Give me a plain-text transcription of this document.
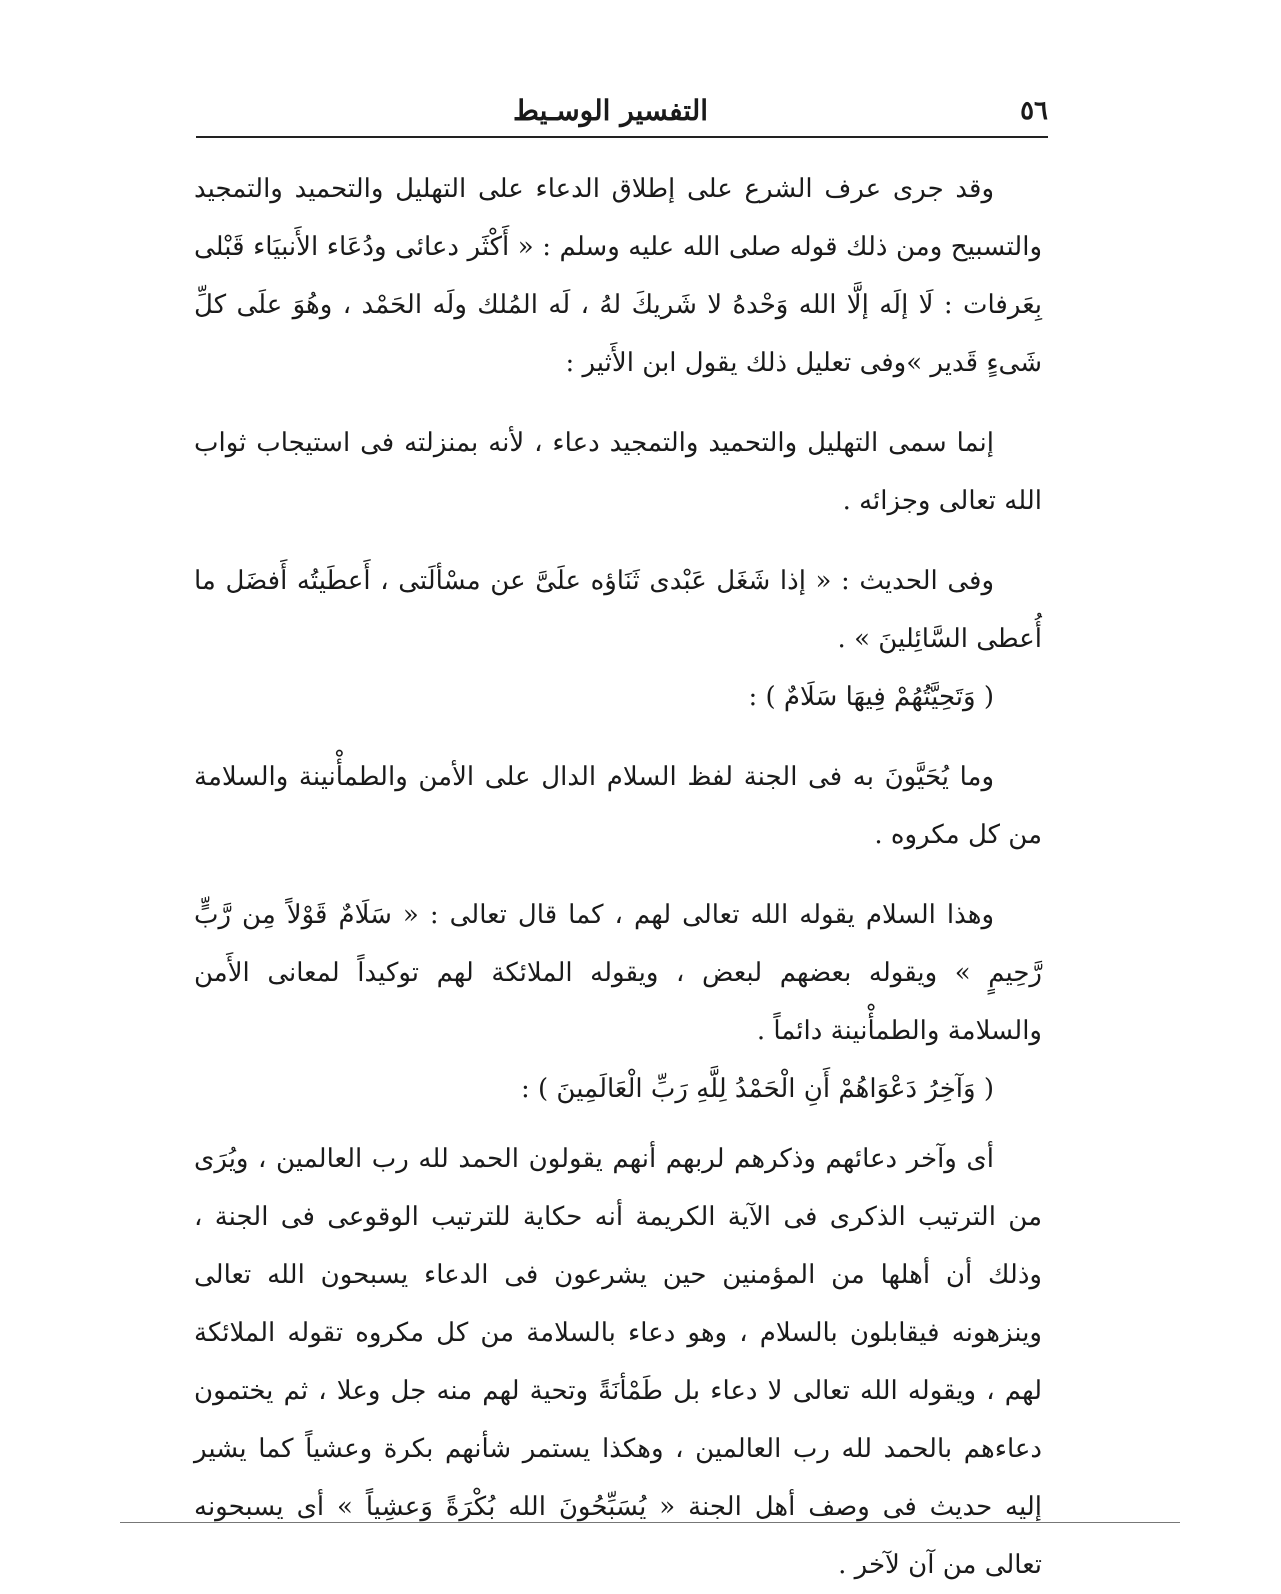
٥٦
التفسير الوسـيط

وقد جرى عرف الشرع على إطلاق الدعاء على التهليل والتحميد والتمجيد والتسبيح ومن ذلك قوله صلى الله عليه وسلم : « أَكْثَر دعائى ودُعَاء الأَنبيَاء قَبْلى بِعَرفات : لَا إلَه إلَّا الله وَحْدهُ لا شَريكَ لهُ ، لَه المُلك ولَه الحَمْد ، وهُوَ علَى كلِّ شَىءٍ قَدير »وفى تعليل ذلك يقول ابن الأَثير :

إنما سمى التهليل والتحميد والتمجيد دعاء ، لأنه بمنزلته فى استيجاب ثواب الله تعالى وجزائه .

وفى الحديث : « إذا شَغَل عَبْدى ثَنَاؤه علَىَّ عن مسْألَتى ، أَعطَيتُه أَفضَل ما أُعطى السَّائِلينَ » .

( وَتَحِيَّتُهُمْ فِيهَا سَلَامٌ ) :

وما يُحَيَّونَ به فى الجنة لفظ السلام الدال على الأمن والطمأْنينة والسلامة من كل مكروه .

وهذا السلام يقوله الله تعالى لهم ، كما قال تعالى : « سَلَامٌ قَوْلاً مِن رَّبٍّ رَّحِيمٍ » ويقوله بعضهم لبعض ، ويقوله الملائكة لهم توكيداً لمعانى الأَمن والسلامة والطمأْنينة دائماً .

( وَآخِرُ دَعْوَاهُمْ أَنِ الْحَمْدُ لِلَّهِ رَبِّ الْعَالَمِينَ ) :

أى وآخر دعائهم وذكرهم لربهم أنهم يقولون الحمد لله رب العالمين ، ويُرَى من الترتيب الذكرى فى الآية الكريمة أنه حكاية للترتيب الوقوعى فى الجنة ، وذلك أن أهلها من المؤمنين حين يشرعون فى الدعاء يسبحون الله تعالى وينزهونه فيقابلون بالسلام ، وهو دعاء بالسلامة من كل مكروه تقوله الملائكة لهم ، ويقوله الله تعالى لا دعاء بل طَمْأنَةً وتحية لهم منه جل وعلا ، ثم يختمون دعاءهم بالحمد لله رب العالمين ، وهكذا يستمر شأنهم بكرة وعشياً كما يشير إليه حديث فى وصف أهل الجنة « يُسَبِّحُونَ الله بُكْرَةً وَعشِياً » أى يسبحونه تعالى من آن لآخر .
